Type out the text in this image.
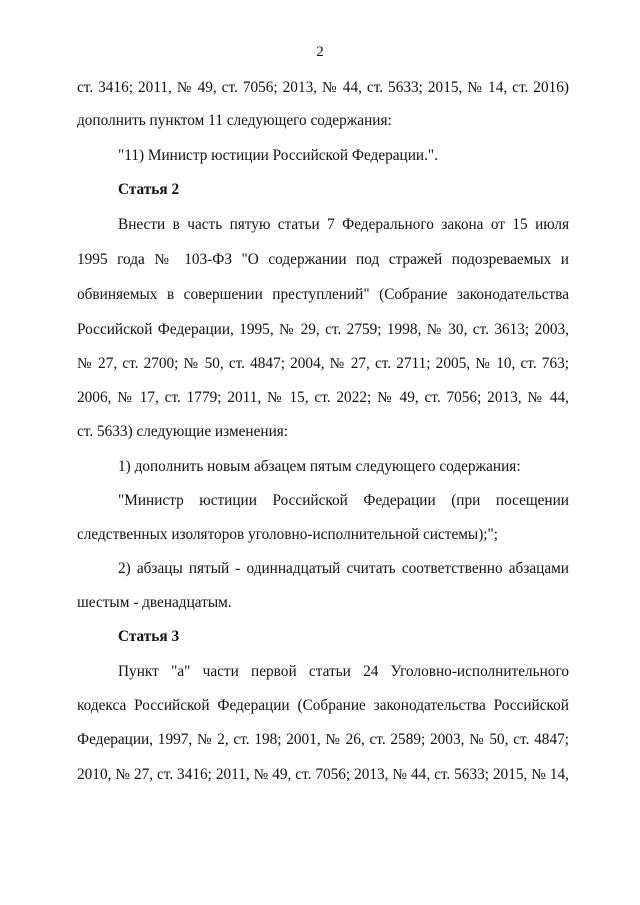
2
ст. 3416; 2011, № 49, ст. 7056; 2013, № 44, ст. 5633; 2015, № 14, ст. 2016)
дополнить пунктом 11 следующего содержания:
"11) Министр юстиции Российской Федерации.".
Статья 2
Внести в часть пятую статьи 7 Федерального закона от 15 июля
1995 года № 103-ФЗ "О содержании под стражей подозреваемых и
обвиняемых в совершении преступлений" (Собрание законодательства
Российской Федерации, 1995, № 29, ст. 2759; 1998, № 30, ст. 3613; 2003,
№ 27, ст. 2700; № 50, ст. 4847; 2004, № 27, ст. 2711; 2005, № 10, ст. 763;
2006, № 17, ст. 1779; 2011, № 15, ст. 2022; № 49, ст. 7056; 2013, № 44,
ст. 5633) следующие изменения:
1) дополнить новым абзацем пятым следующего содержания:
"Министр юстиции Российской Федерации (при посещении
следственных изоляторов уголовно-исполнительной системы);";
2) абзацы пятый - одиннадцатый считать соответственно абзацами
шестым - двенадцатым.
Статья 3
Пункт "а" части первой статьи 24 Уголовно-исполнительного
кодекса Российской Федерации (Собрание законодательства Российской
Федерации, 1997, № 2, ст. 198; 2001, № 26, ст. 2589; 2003, № 50, ст. 4847;
2010, № 27, ст. 3416; 2011, № 49, ст. 7056; 2013, № 44, ст. 5633; 2015, № 14,
